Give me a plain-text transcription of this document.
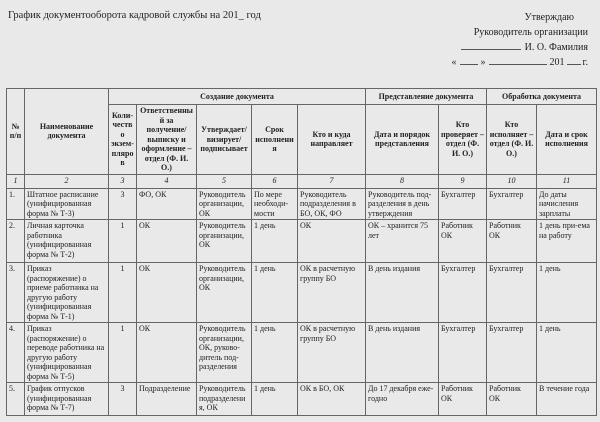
График документооборота кадровой службы на 201_ год	Утверждаю
Руководитель организации
И. О. Фамилия
« »	201 г.
№ п/п	Наименование документа	Создание документа					Представление документа		Обработка документа	
		Коли-чество экзем-пляров	Ответственный за получение/выписку и оформление – отдел (Ф. И. О.)	Утверждает/визирует/подписывает	Срок исполнения	Кто и куда направляет	Дата и порядок представления	Кто проверяет – отдел (Ф. И. О.)	Кто исполняет – отдел (Ф. И. О.)	Дата и срок исполнения
1	2	3	4	5	6	7	8	9	10	11
1.	Штатное расписание (унифицированная форма № Т-3)	3	ФО, ОК	Руководитель организации, ОК	По мере необходи-мости	Руководитель подразделения в БО, ОК, ФО	Руководитель под-разделения в день утверждения	Бухгалтер	Бухгалтер	До даты начисления зарплаты
2.	Личная карточка работника (унифицированная форма № Т-2)	1	ОК	Руководитель организации, ОК	1 день	ОК	ОК – хранится 75 лет	Работник ОК	Работник ОК	1 день при-ема на работу
3.	Приказ (распоряжение) о приеме работника на другую работу (унифицированная форма № Т-1)	1	ОК	Руководитель организации, ОК	1 день	ОК в расчетную группу БО	В день издания	Бухгалтер	Бухгалтер	1 день
4.	Приказ (распоряжение) о переводе работника на другую работу (унифицированная форма № Т-5)	1	ОК	Руководитель организации, ОК, руково-дитель под-разделения	1 день	ОК в расчетную группу БО	В день издания	Бухгалтер	Бухгалтер	1 день
5.	График отпусков (унифицированная форма № Т-7)	3	Подразделение	Руководитель подразделения, ОК	1 день	ОК в БО, ОК	До 17 декабря еже-годно	Работник ОК	Работник ОК	В течение года
